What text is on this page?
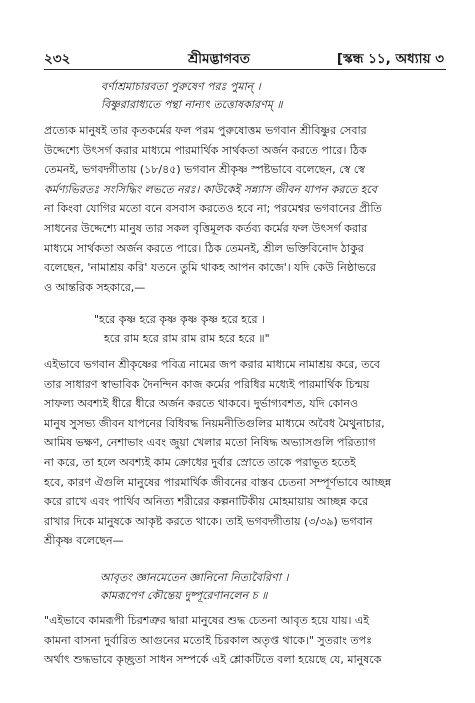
২৩২	শ্রীমদ্ভাগবত	[স্কন্ধ ১১, অধ্যায় ৩
বর্ণাশ্রমাচারবতা পুরুষেণ পরঃ পুমান্ ।
বিষ্ণুরারাধ্যতে পন্থা নান্যৎ তত্তোষকারণম্ ॥
প্রত্যেক মানুষই তার কৃতকর্মের ফল পরম পুরুষোত্তম ভগবান শ্রীবিষ্ণুর সেবার
উদ্দেশ্যে উৎসর্গ করার মাধ্যমে পারমার্থিক সার্থকতা অর্জন করতে পারে। ঠিক
তেমনই, ভগবদ্গীতায় (১৮/৪৫) ভগবান শ্রীকৃষ্ণ স্পষ্টভাবে বলেছেন, স্বে স্বে
কর্মণ্যভিরতঃ সংসিদ্ধিং লভতে নরঃ। কাউকেই সন্ন্যাস জীবন যাপন করতে হবে
না কিংবা যোগির মতো বনে বসবাস করতেও হবে না; পরমেশ্বর ভগবানের প্রীতি
সাধনের উদ্দেশ্যে মানুষ তার সকল বৃত্তিমূলক কর্তব্য কর্মের ফল উৎসর্গ করার
মাধ্যমে সার্থকতা অর্জন করতে পারে। ঠিক তেমনই, শ্রীল ভক্তিবিনোদ ঠাকুর
বলেছেন, 'নামাশ্রয় করি' যতনে তুমি থাকহ আপন কাজে'। যদি কেউ নিষ্ঠাভরে
ও আন্তরিক সহকারে,—
"হরে কৃষ্ণ হরে কৃষ্ণ কৃষ্ণ কৃষ্ণ হরে হরে ।
হরে রাম হরে রাম রাম রাম হরে হরে ॥"
এইভাবে ভগবান শ্রীকৃষ্ণের পবিত্র নামের জপ করার মাধ্যমে নামাশ্রয় করে, তবে
তার সাধারণ স্বাভাবিক দৈনন্দিন কাজ কর্মের পরিধির মধ্যেই পারমার্থিক চিন্ময়
সাফল্য অবশ্যই ধীরে ধীরে অর্জন করতে থাকবে। দুর্ভাগ্যবশত, যদি কোনও
মানুষ সুসভ্য জীবন যাপনের বিধিবদ্ধ নিয়মনীতিগুলির মাধ্যমে অবৈধ মৈথুনাচার,
আমিষ ভক্ষণ, নেশাভাং এবং জুয়া খেলার মতো নিষিদ্ধ অভ্যাসগুলি পরিত্যাগ
না করে, তা হলে অবশ্যই কাম ক্রোধের দুর্বার স্রোতে তাকে পরাভূত হতেই
হবে, কারণ ঐগুলি মানুষের পারমার্থিক জীবনের বাস্তব চেতনা সম্পূর্ণভাবে আচ্ছন্ন
করে রাখে এবং পার্থিব অনিত্য শরীরের কল্পনাটিকীয় মোহমায়ায় আচ্ছন্ন করে
রাখার দিকে মানুষকে আকৃষ্ট করতে থাকে। তাই ভগবদ্গীতায় (৩/৩৯) ভগবান
শ্রীকৃষ্ণ বলেছেন—
আবৃতং জ্ঞানমেতেন জ্ঞানিনো নিত্যবৈরিণা ।
কামরূপেণ কৌন্তেয় দুষ্পূরেণানলেন চ ॥
"এইভাবে কামরূপী চিরশত্রুর দ্বারা মানুষের শুদ্ধ চেতনা আবৃত হয়ে যায়। এই
কামনা বাসনা দুর্বারিত আগুনের মতোই চিরকাল অতৃপ্ত থাকে।" সুতরাং তপঃ
অর্থাৎ শুদ্ধভাবে কৃচ্ছ্রতা সাধন সম্পর্কে এই শ্লোকটিতে বলা হয়েছে যে, মানুষকে
